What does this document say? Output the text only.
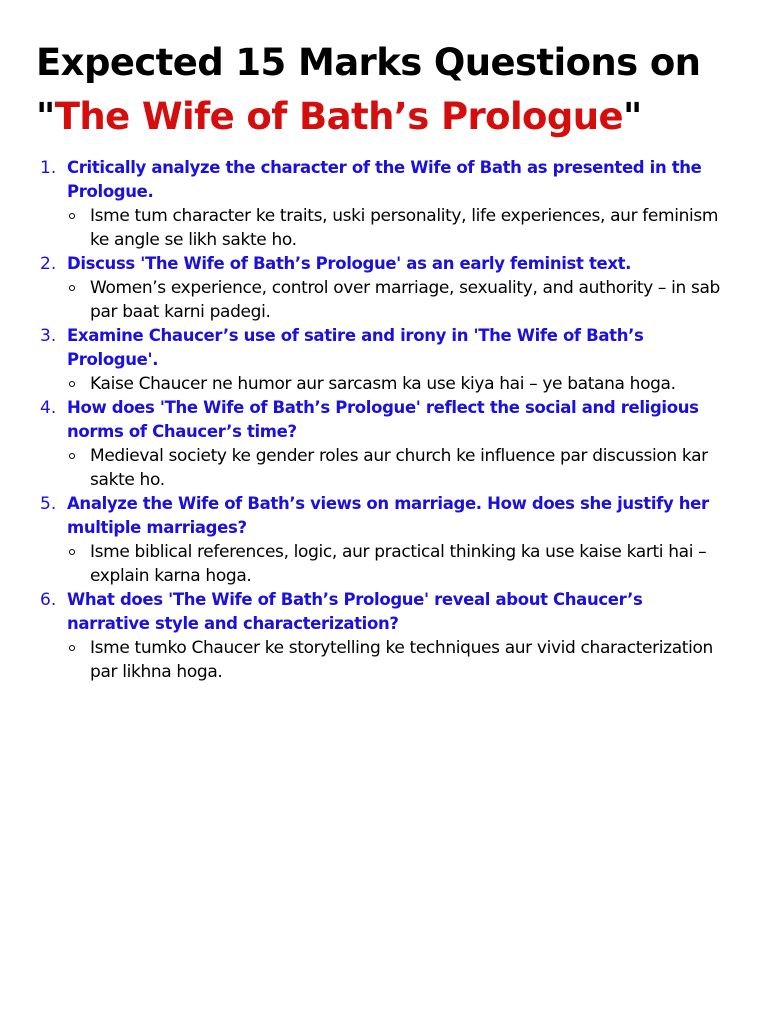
Expected 15 Marks Questions on
"The Wife of Bath’s Prologue"
1. Critically analyze the character of the Wife of Bath as presented in the Prologue.
Isme tum character ke traits, uski personality, life experiences, aur feminism ke angle se likh sakte ho.
2. Discuss 'The Wife of Bath’s Prologue' as an early feminist text.
Women’s experience, control over marriage, sexuality, and authority – in sab par baat karni padegi.
3. Examine Chaucer’s use of satire and irony in 'The Wife of Bath’s Prologue'.
Kaise Chaucer ne humor aur sarcasm ka use kiya hai – ye batana hoga.
4. How does 'The Wife of Bath’s Prologue' reflect the social and religious norms of Chaucer’s time?
Medieval society ke gender roles aur church ke influence par discussion kar sakte ho.
5. Analyze the Wife of Bath’s views on marriage. How does she justify her multiple marriages?
Isme biblical references, logic, aur practical thinking ka use kaise karti hai – explain karna hoga.
6. What does 'The Wife of Bath’s Prologue' reveal about Chaucer’s narrative style and characterization?
Isme tumko Chaucer ke storytelling ke techniques aur vivid characterization par likhna hoga.
